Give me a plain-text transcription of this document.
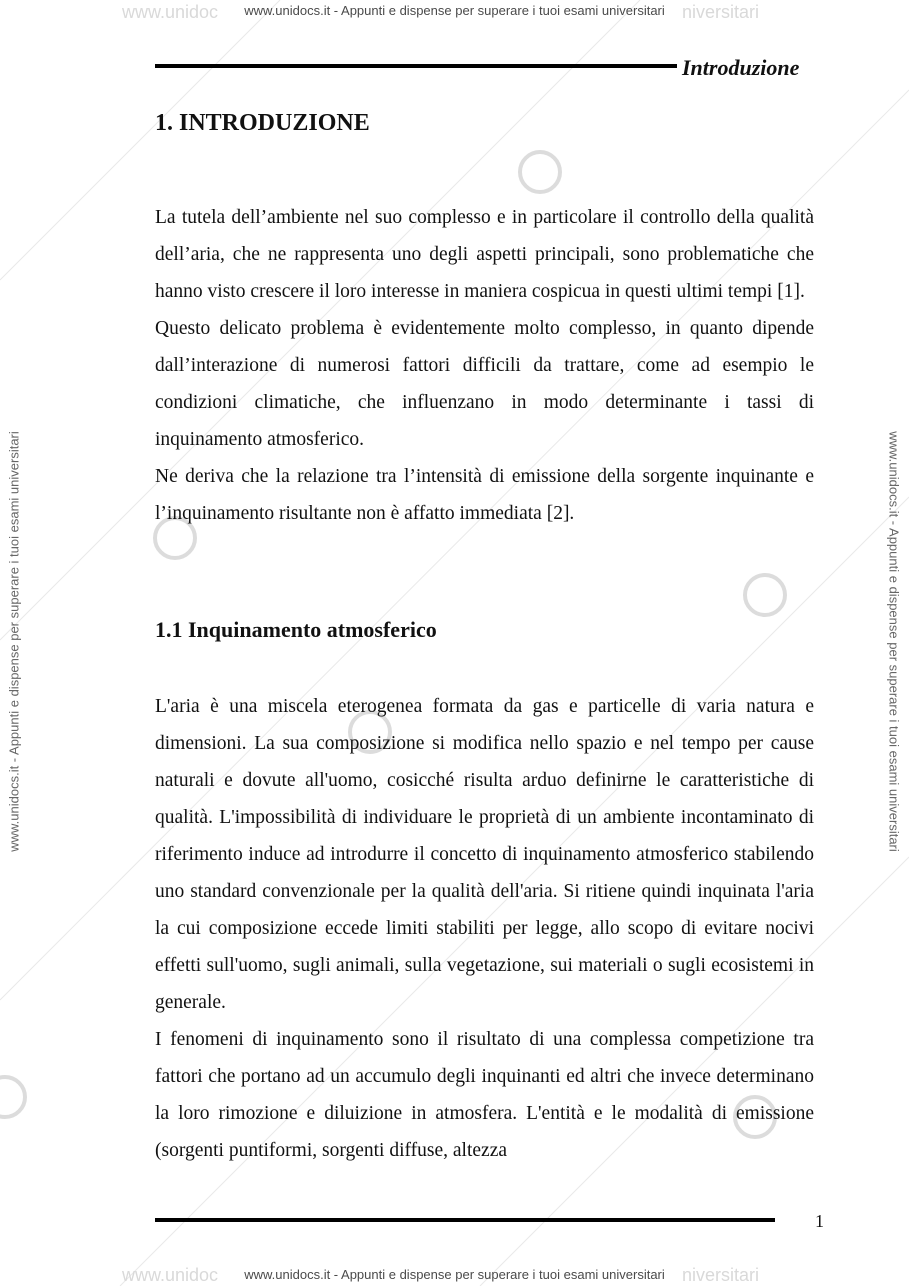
www.unidoc	niversitari
www.unidoc	niversitari
www.unidocs.it - Appunti e dispense per superare i tuoi esami universitari
www.unidocs.it - Appunti e dispense per superare i tuoi esami universitari
www.unidocs.it - Appunti e dispense per superare i tuoi esami universitari	www.unidocs.it - Appunti e dispense per superare i tuoi esami universitari
Introduzione
1. INTRODUZIONE

La tutela dell’ambiente nel suo complesso e in particolare il controllo della qualità dell’aria, che ne rappresenta uno degli aspetti principali, sono problematiche che hanno visto crescere il loro interesse in maniera cospicua in questi ultimi tempi [1].

Questo delicato problema è evidentemente molto complesso, in quanto dipende dall’interazione di numerosi fattori difficili da trattare, come ad esempio le condizioni climatiche, che influenzano in modo determinante i tassi di inquinamento atmosferico.

Ne deriva che la relazione tra l’intensità di emissione della sorgente inquinante e l’inquinamento risultante non è affatto immediata [2].

1.1 Inquinamento atmosferico

L'aria è una miscela eterogenea formata da gas e particelle di varia natura e dimensioni. La sua composizione si modifica nello spazio e nel tempo per cause naturali e dovute all'uomo, cosicché risulta arduo definirne le caratteristiche di qualità. L'impossibilità di individuare le proprietà di un ambiente incontaminato di riferimento induce ad introdurre il concetto di inquinamento atmosferico stabilendo uno standard convenzionale per la qualità dell'aria. Si ritiene quindi inquinata l'aria la cui composizione eccede limiti stabiliti per legge, allo scopo di evitare nocivi effetti sull'uomo, sugli animali, sulla vegetazione, sui materiali o sugli ecosistemi in generale.

I fenomeni di inquinamento sono il risultato di una complessa competizione tra fattori che portano ad un accumulo degli inquinanti ed altri che invece determinano la loro rimozione e diluizione in atmosfera. L'entità e le modalità di emissione (sorgenti puntiformi, sorgenti diffuse, altezza

1
